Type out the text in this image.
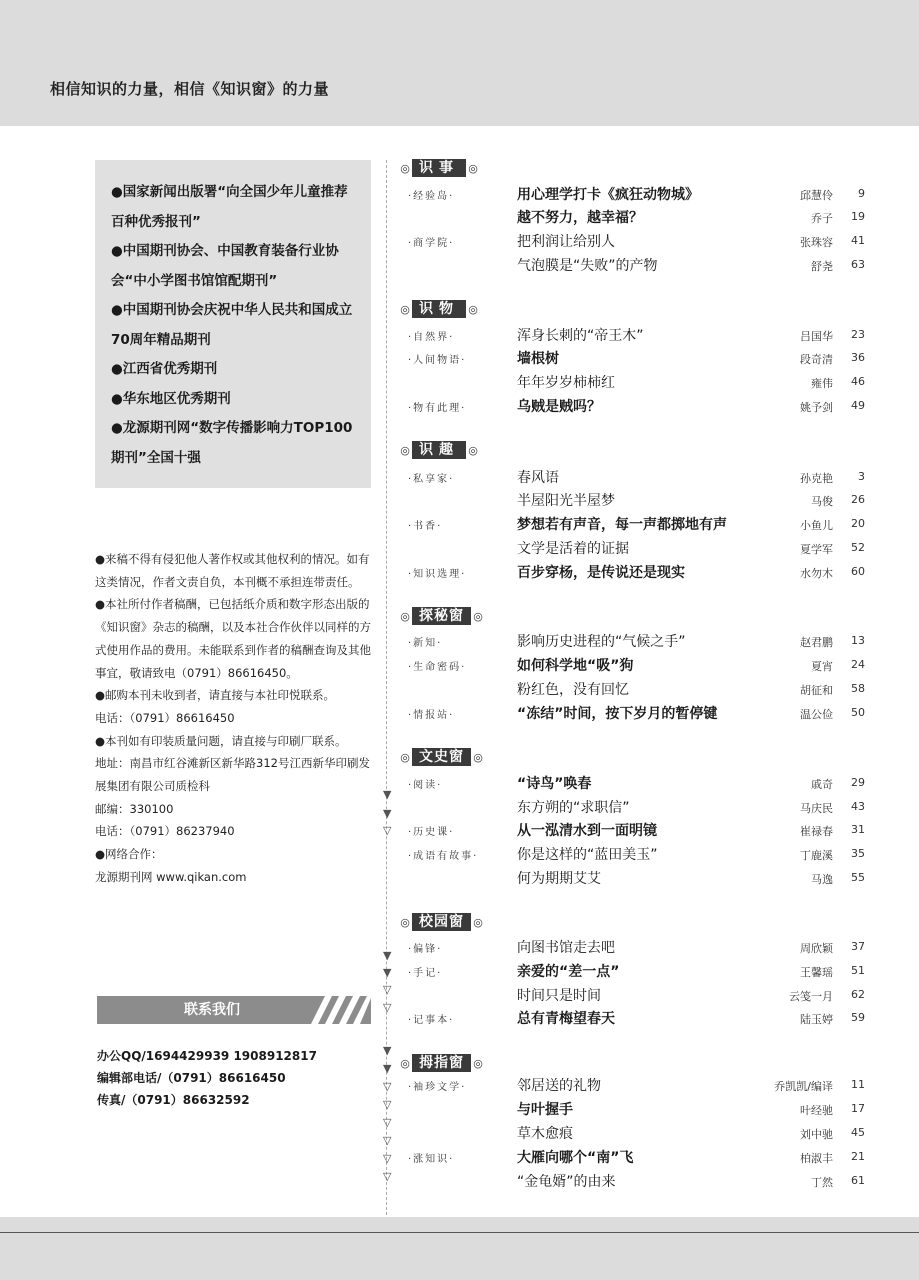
相信知识的力量，相信《知识窗》的力量
●国家新闻出版署“向全国少年儿童推荐百种优秀报刊”
●中国期刊协会、中国教育装备行业协会“中小学图书馆馆配期刊”
●中国期刊协会庆祝中华人民共和国成立70周年精品期刊
●江西省优秀期刊
●华东地区优秀期刊
●龙源期刊网“数字传播影响力TOP100期刊”全国十强

●来稿不得有侵犯他人著作权或其他权利的情况。如有这类情况，作者文责自负，本刊概不承担连带责任。

●本社所付作者稿酬，已包括纸介质和数字形态出版的《知识窗》杂志的稿酬，以及本社合作伙伴以同样的方式使用作品的费用。未能联系到作者的稿酬查询及其他事宜，敬请致电（0791）86616450。

●邮购本刊未收到者，请直接与本社印悦联系。

电话：（0791）86616450

●本刊如有印装质量问题，请直接与印刷厂联系。

地址：南昌市红谷滩新区新华路312号江西新华印刷发展集团有限公司质检科

邮编：330100

电话：（0791）86237940

●网络合作：

龙源期刊网 www.qikan.com

联系我们

办公QQ/1694429939 1908912817

编辑部电话/（0791）86616450

传真/（0791）86632592

▼
▼
▽
▼
▼
▽
▽
▼
▼
▽
▽
▽
▽
▽
▽
◎ 识事 ◎
·经验岛·	用心理学打卡《疯狂动物城》	邱慧伶	9
越不努力，越幸福？	乔子	19
·商学院·	把利润让给别人	张珠容	41
气泡膜是“失败”的产物	舒尧	63
◎ 识物 ◎
·自然界·	浑身长刺的“帝王木”	吕国华	23
·人间物语·	墙根树	段奇清	36
年年岁岁柿柿红	雍伟	46
·物有此理·	乌贼是贼吗？	姚予剑	49
◎ 识趣 ◎
·私享家·	春风语	孙克艳	3
半屋阳光半屋梦	马俊	26
·书香·	梦想若有声音，每一声都掷地有声	小鱼儿	20
文学是活着的证据	夏学军	52
·知识选理·	百步穿杨，是传说还是现实	水勿木	60
◎ 探秘窗 ◎
·新知·	影响历史进程的“气候之手”	赵君鹏	13
·生命密码·	如何科学地“吸”狗	夏宵	24
粉红色，没有回忆	胡征和	58
·情报站·	“冻结”时间，按下岁月的暂停键	温公俭	50
◎ 文史窗 ◎
·阅读·	“诗鸟”唤春	戚奇	29
东方朔的“求职信”	马庆民	43
·历史课·	从一泓清水到一面明镜	崔禄春	31
·成语有故事·	你是这样的“蓝田美玉”	丁鹿溪	35
何为期期艾艾	马逸	55
◎ 校园窗 ◎
·偏锋·	向图书馆走去吧	周欣颖	37
·手记·	亲爱的“差一点”	王馨瑶	51
时间只是时间	云笺一月	62
·记事本·	总有青梅望春天	陆玉婷	59
◎ 拇指窗 ◎
·袖珍文学·	邻居送的礼物	乔凯凯/编译	11
与叶握手	叶经驰	17
草木愈痕	刘中驰	45
·涨知识·	大雁向哪个“南”飞	柏淑丰	21
“金龟婿”的由来	丁然	61
